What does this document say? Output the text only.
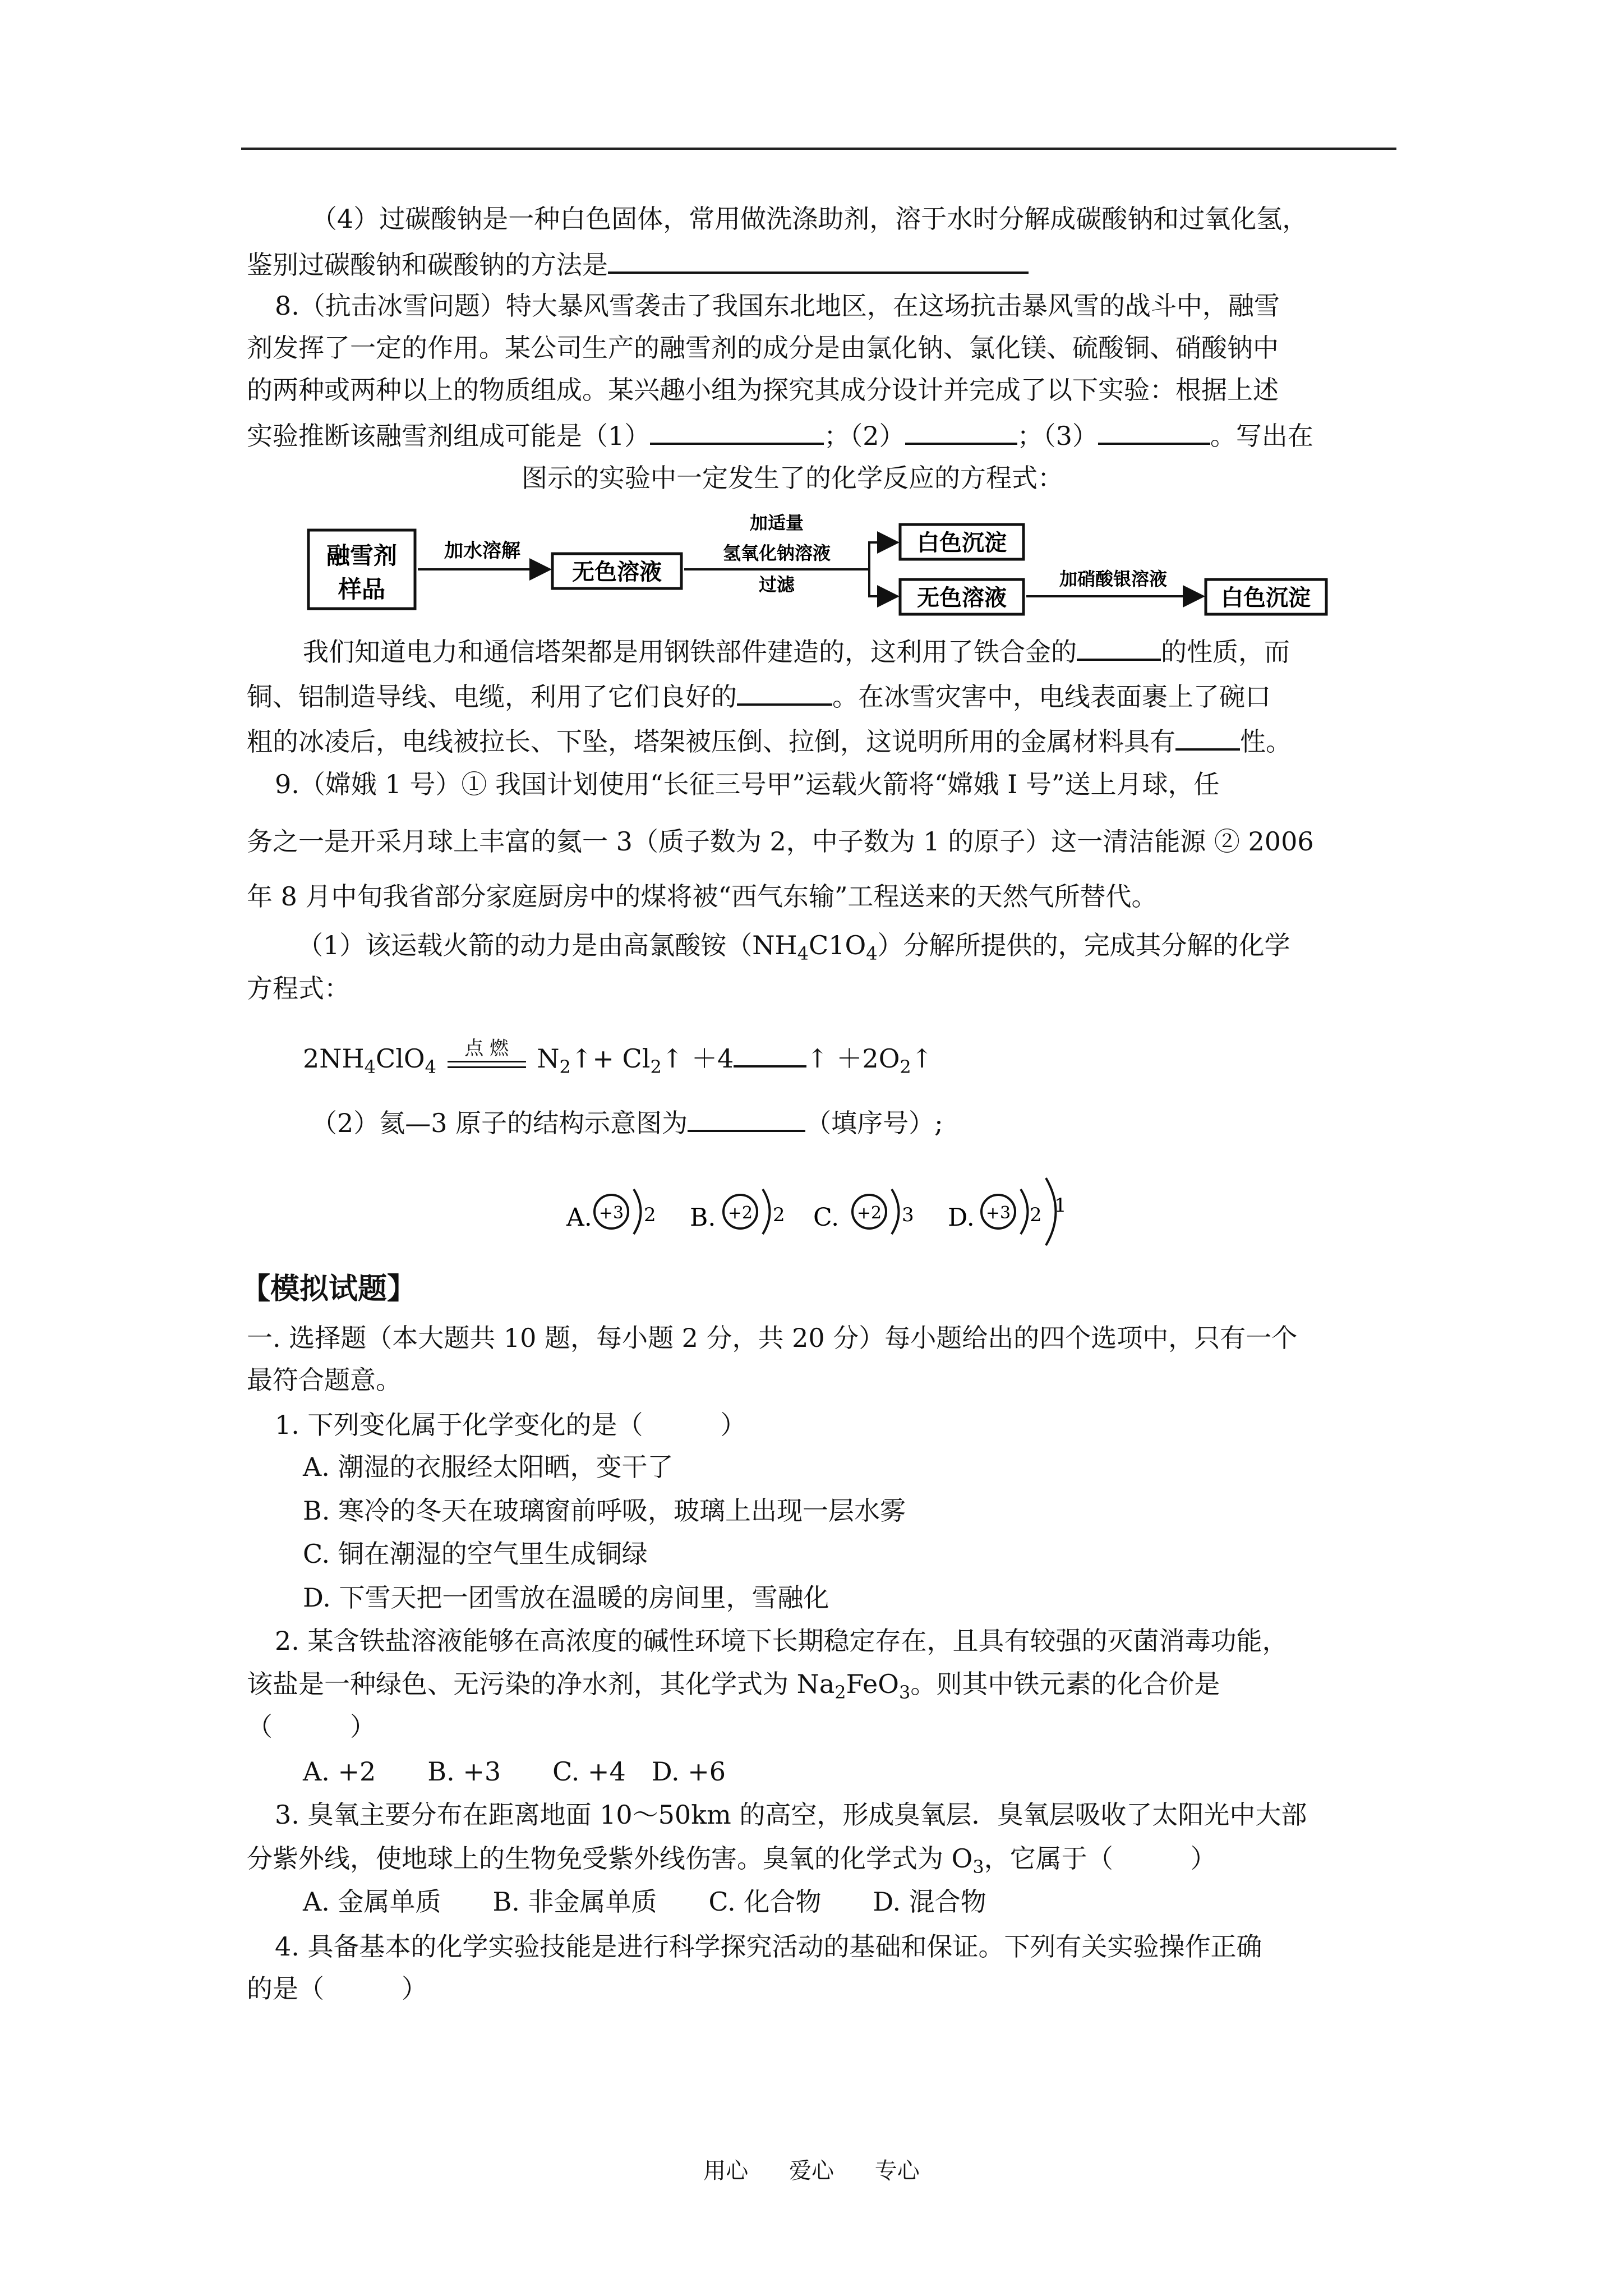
（4）过碳酸钠是一种白色固体，常用做洗涤助剂，溶于水时分解成碳酸钠和过氧化氢，
鉴别过碳酸钠和碳酸钠的方法是
8.（抗击冰雪问题）特大暴风雪袭击了我国东北地区，在这场抗击暴风雪的战斗中，融雪
剂发挥了一定的作用。某公司生产的融雪剂的成分是由氯化钠、氯化镁、硫酸铜、硝酸钠中
的两种或两种以上的物质组成。某兴趣小组为探究其成分设计并完成了以下实验：根据上述
实验推断该融雪剂组成可能是（1）	；（2）	；（3）	。写出在
图示的实验中一定发生了的化学反应的方程式：
融雪剂
样品
加水溶解
无色溶液
加适量
氢氧化钠溶液
过滤
白色沉淀
无色溶液
加硝酸银溶液
白色沉淀
我们知道电力和通信塔架都是用钢铁部件建造的，这利用了铁合金的	的性质，而
铜、铝制造导线、电缆，利用了它们良好的	。在冰雪灾害中，电线表面裹上了碗口
粗的冰凌后，电线被拉长、下坠，塔架被压倒、拉倒，这说明所用的金属材料具有	性。
9.（嫦娥 1 号）① 我国计划使用“长征三号甲”运载火箭将“嫦娥 I 号”送上月球，任
务之一是开采月球上丰富的氦一 3（质子数为 2，中子数为 1 的原子）这一清洁能源 ② 2006
年 8 月中旬我省部分家庭厨房中的煤将被“西气东输”工程送来的天然气所替代。
（1）该运载火箭的动力是由高氯酸铵$(NH_4C1O_4)$分解所提供的，完成其分解的化学
方程式：
$2NH_4ClO_4$
点 燃	$N_2↑+$ $Cl_2↑ +4$	↑ $+2O_2↑$
（2）氦—3 原子的结构示意图为	（填序号）;
A. +3 2 B. +2 2 C. +2 3 D. +3 2 1
【模拟试题】
一. 选择题（本大题共 10 题，每小题 2 分，共 20 分）每小题给出的四个选项中，只有一个
最符合题意。
1. 下列变化属于化学变化的是（　　　）
A. 潮湿的衣服经太阳晒，变干了
B. 寒冷的冬天在玻璃窗前呼吸，玻璃上出现一层水雾
C. 铜在潮湿的空气里生成铜绿
D. 下雪天把一团雪放在温暖的房间里，雪融化
2. 某含铁盐溶液能够在高浓度的碱性环境下长期稳定存在，且具有较强的灭菌消毒功能，
该盐是一种绿色、无污染的净水剂，其化学式为 $Na_2FeO_3$。则其中铁元素的化合价是
（　　　）
A. +2　　B. +3　　C. +4　D. +6
3. 臭氧主要分布在距离地面 10～50km 的高空，形成臭氧层．臭氧层吸收了太阳光中大部
分紫外线，使地球上的生物免受紫外线伤害。臭氧的化学式为 $O_3$，它属于（　　　）
A. 金属单质　　B. 非金属单质　　C. 化合物　　D. 混合物
4. 具备基本的化学实验技能是进行科学探究活动的基础和保证。下列有关实验操作正确
的是（　　　）
用心 爱心 专心
